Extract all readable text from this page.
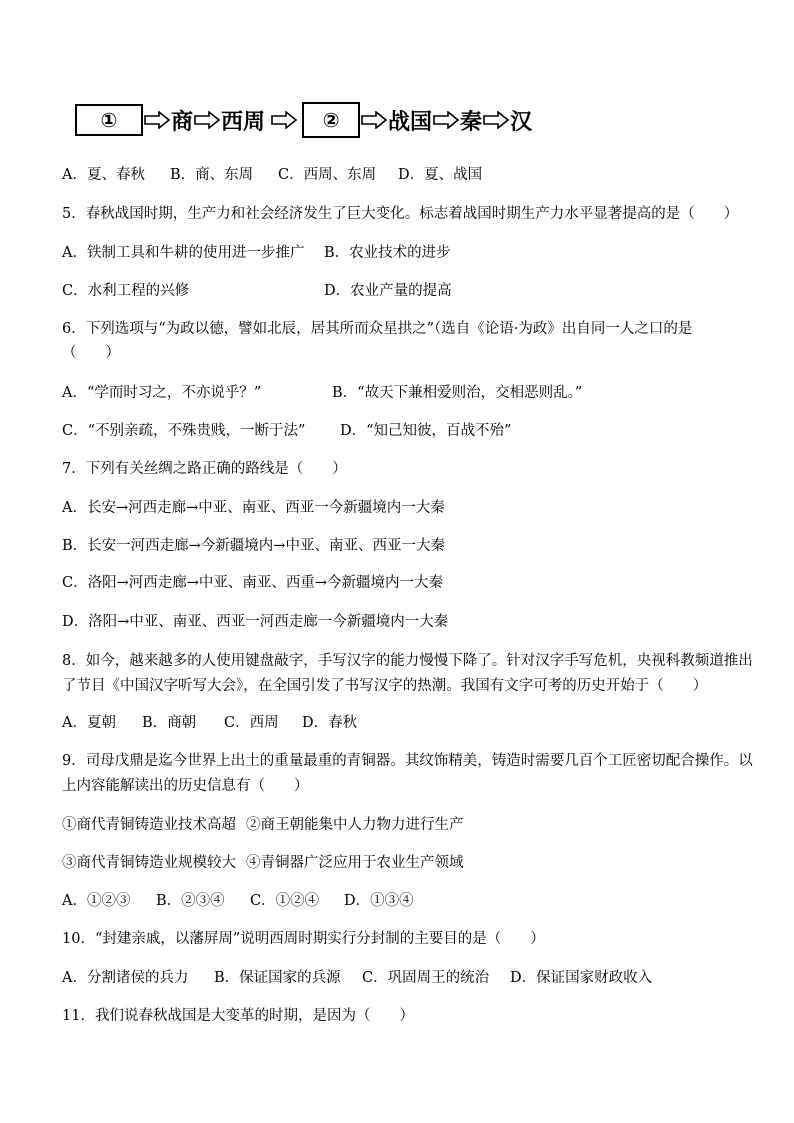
①	商 西周	②	战国 秦 汉
A．夏、春秋 B．商、东周 C．西周、东周 D．夏、战国
5．春秋战国时期，生产力和社会经济发生了巨大变化。标志着战国时期生产力水平显著提高的是（　　）
A．铁制工具和牛耕的使用进一步推广 B．农业技术的进步
C．水利工程的兴修	D．农业产量的提高
6．下列选项与“为政以德，譬如北辰，居其所而众星拱之”（选自《论语·为政》出自同一人之口的是
（　　）
A．“学而时习之，不亦说乎？”	B．“故天下兼相爱则治，交相恶则乱。”
C．“不别亲疏，不殊贵贱，一断于法” D．“知己知彼，百战不殆”
7．下列有关丝绸之路正确的路线是（　　）
A．长安→河西走廊→中亚、南亚、西亚一今新疆境内一大秦
B．长安一河西走廊→今新疆境内→中亚、南亚、西亚一大秦
C．洛阳→河西走廊→中亚、南亚、西重→今新疆境内一大秦
D．洛阳→中亚、南亚、西亚一河西走廊一今新疆境内一大秦
8．如今，越来越多的人使用键盘敲字，手写汉字的能力慢慢下降了。针对汉字手写危机，央视科教频道推出
了节目《中国汉字听写大会》，在全国引发了书写汉字的热潮。我国有文字可考的历史开始于（　　）
A．夏朝 B．商朝 C．西周 D．春秋
9．司母戊鼎是迄今世界上出土的重量最重的青铜器。其纹饰精美，铸造时需要几百个工匠密切配合操作。以
上内容能解读出的历史信息有（　　）
①商代青铜铸造业技术高超 ②商王朝能集中人力物力进行生产
③商代青铜铸造业规模较大 ④青铜器广泛应用于农业生产领域
A．①②③ B．②③④ C．①②④ D．①③④
10．“封建亲戚，以藩屏周”说明西周时期实行分封制的主要目的是（　　）
A．分割诸侯的兵力 B．保证国家的兵源 C．巩固周王的统治 D．保证国家财政收入
11．我们说春秋战国是大变革的时期，是因为（　　）
